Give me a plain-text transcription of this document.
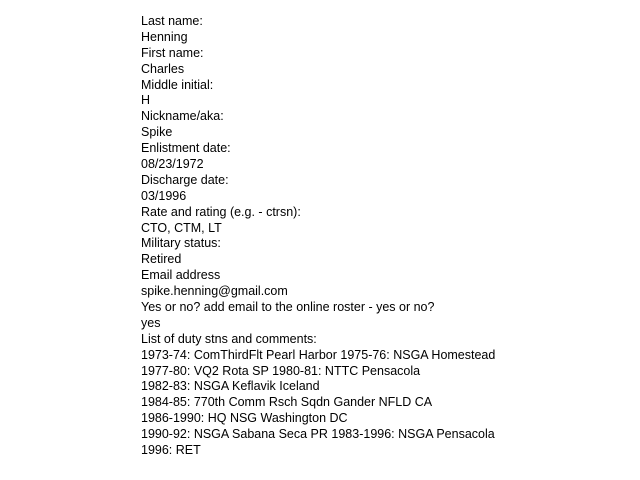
Last name:
Henning
First name:
Charles
Middle initial:
H
Nickname/aka:
Spike
Enlistment date:
08/23/1972
Discharge date:
03/1996
Rate and rating (e.g. - ctrsn):
CTO, CTM, LT
Military status:
Retired
Email address
spike.henning@gmail.com
Yes or no? add email to the online roster - yes or no?
yes
List of duty stns and comments:
1973-74: ComThirdFlt Pearl Harbor 1975-76: NSGA Homestead
1977-80: VQ2 Rota SP 1980-81: NTTC Pensacola
1982-83: NSGA Keflavik Iceland
1984-85: 770th Comm Rsch Sqdn Gander NFLD CA
1986-1990: HQ NSG Washington DC
1990-92: NSGA Sabana Seca PR 1983-1996: NSGA Pensacola
1996: RET
